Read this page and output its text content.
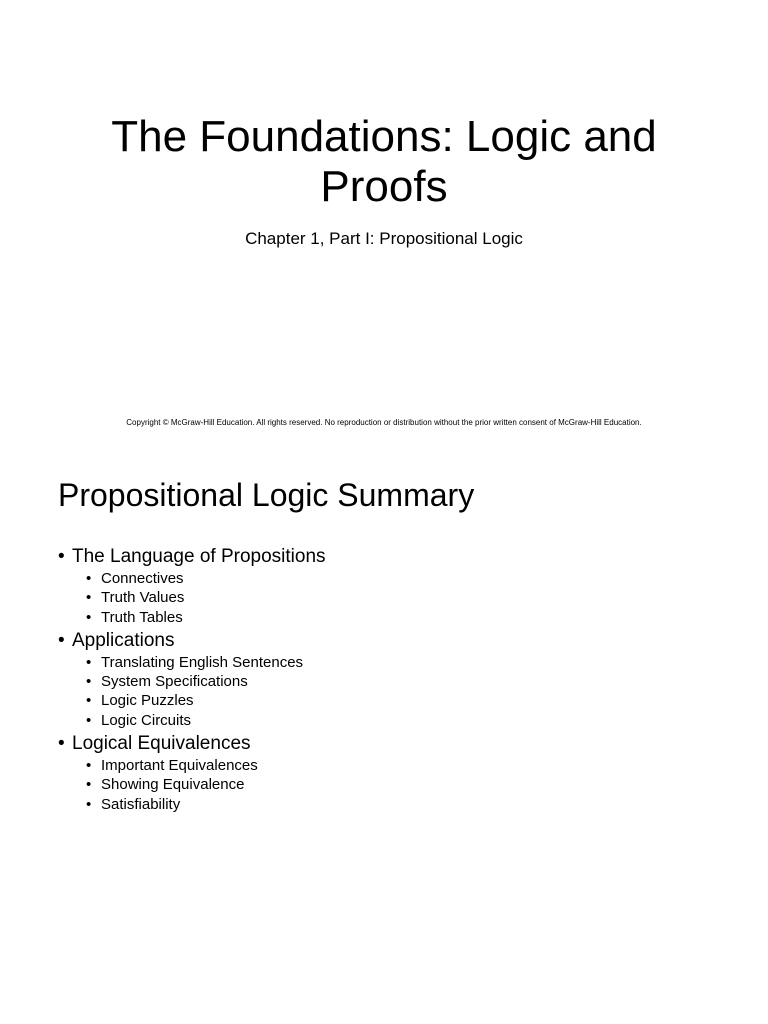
The Foundations: Logic and Proofs

Chapter 1, Part I: Propositional Logic

Copyright © McGraw-Hill Education. All rights reserved. No reproduction or distribution without the prior written consent of McGraw-Hill Education.

Propositional Logic Summary
• The Language of Propositions
• Connectives
• Truth Values
• Truth Tables
• Applications
• Translating English Sentences
• System Specifications
• Logic Puzzles
• Logic Circuits
• Logical Equivalences
• Important Equivalences
• Showing Equivalence
• Satisfiability
